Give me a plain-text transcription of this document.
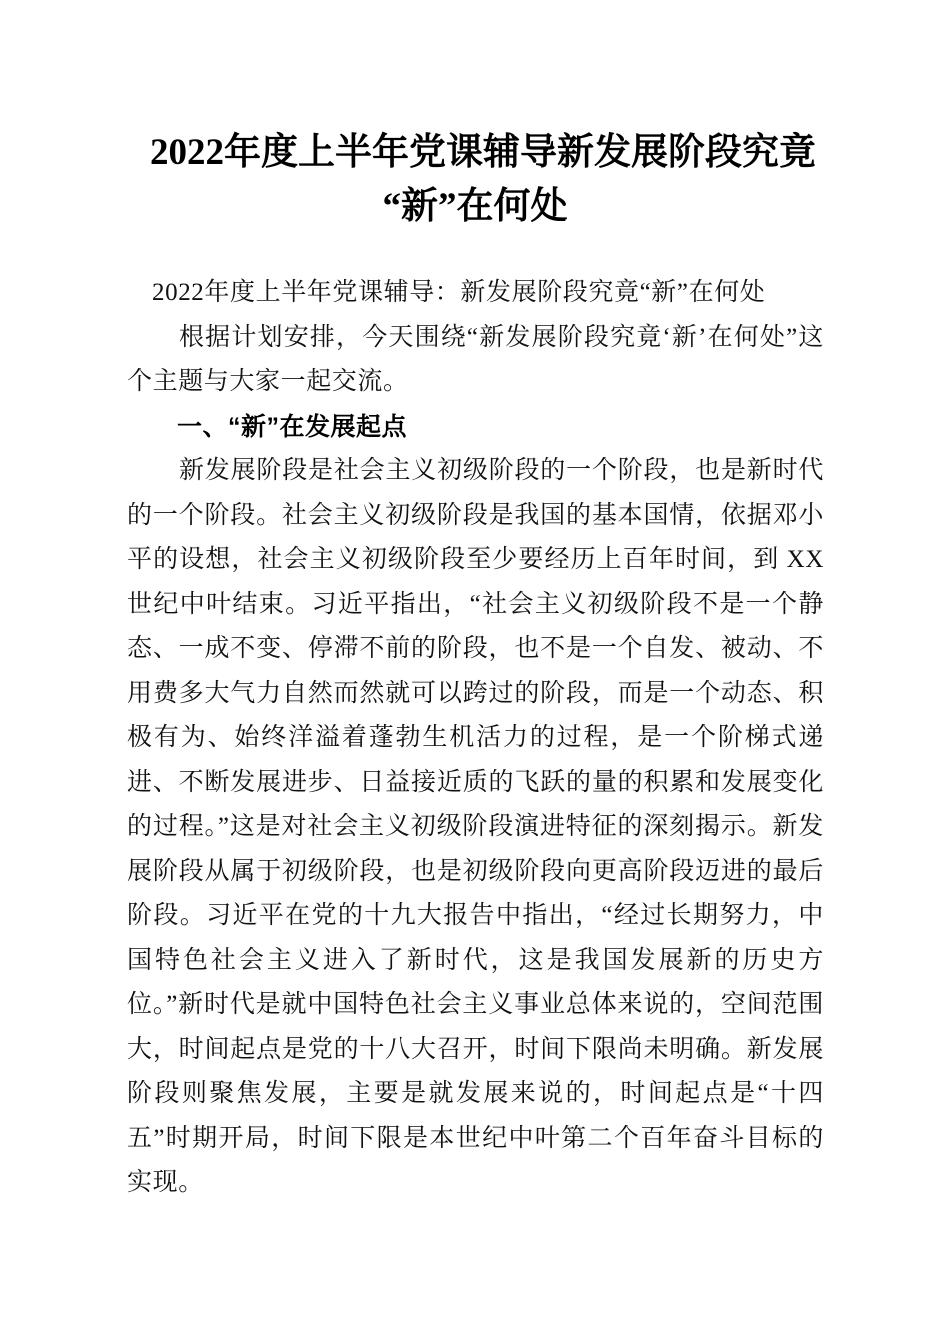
2022年度上半年党课辅导新发展阶段究竟
“新”在何处

2022年度上半年党课辅导：新发展阶段究竟“新”在何处

根据计划安排，今天围绕“新发展阶段究竟‘新’在何处”这个主题与大家一起交流。

一、“新”在发展起点

新发展阶段是社会主义初级阶段的一个阶段，也是新时代的一个阶段。社会主义初级阶段是我国的基本国情，依据邓小平的设想，社会主义初级阶段至少要经历上百年时间，到 XX 世纪中叶结束。习近平指出，“社会主义初级阶段不是一个静态、一成不变、停滞不前的阶段，也不是一个自发、被动、不用费多大气力自然而然就可以跨过的阶段，而是一个动态、积极有为、始终洋溢着蓬勃生机活力的过程，是一个阶梯式递进、不断发展进步、日益接近质的飞跃的量的积累和发展变化的过程。”这是对社会主义初级阶段演进特征的深刻揭示。新发展阶段从属于初级阶段，也是初级阶段向更高阶段迈进的最后阶段。习近平在党的十九大报告中指出，“经过长期努力，中国特色社会主义进入了新时代，这是我国发展新的历史方位。”新时代是就中国特色社会主义事业总体来说的，空间范围大，时间起点是党的十八大召开，时间下限尚未明确。新发展阶段则聚焦发展，主要是就发展来说的，时间起点是“十四五”时期开局，时间下限是本世纪中叶第二个百年奋斗目标的实现。
